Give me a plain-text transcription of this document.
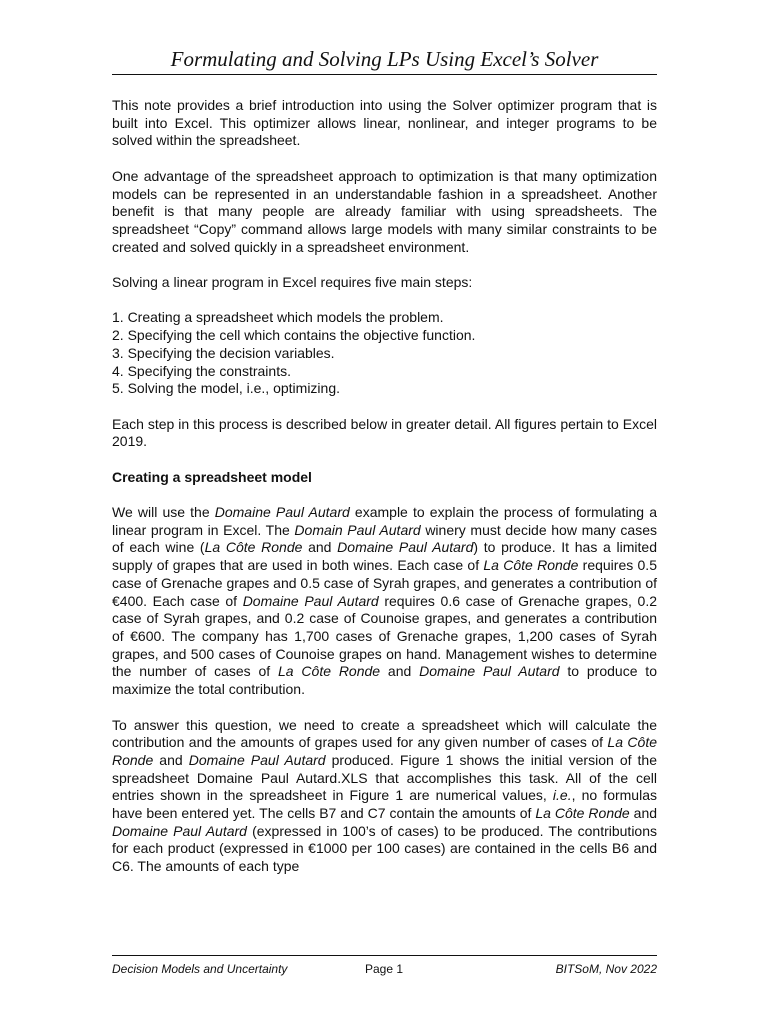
Formulating and Solving LPs Using Excel’s Solver

This note provides a brief introduction into using the Solver optimizer program that is built into Excel. This optimizer allows linear, nonlinear, and integer programs to be solved within the spreadsheet.

One advantage of the spreadsheet approach to optimization is that many optimization models can be represented in an understandable fashion in a spreadsheet. Another benefit is that many people are already familiar with using spreadsheets. The spreadsheet “Copy” command allows large models with many similar constraints to be created and solved quickly in a spreadsheet environment.

Solving a linear program in Excel requires five main steps:

1. Creating a spreadsheet which models the problem.
2. Specifying the cell which contains the objective function.
3. Specifying the decision variables.
4. Specifying the constraints.
5. Solving the model, i.e., optimizing.

Each step in this process is described below in greater detail. All figures pertain to Excel 2019.

Creating a spreadsheet model

We will use the Domaine Paul Autard example to explain the process of formulating a linear program in Excel. The Domain Paul Autard winery must decide how many cases of each wine (La Côte Ronde and Domaine Paul Autard) to produce. It has a limited supply of grapes that are used in both wines. Each case of La Côte Ronde requires 0.5 case of Grenache grapes and 0.5 case of Syrah grapes, and generates a contribution of €400. Each case of Domaine Paul Autard requires 0.6 case of Grenache grapes, 0.2 case of Syrah grapes, and 0.2 case of Counoise grapes, and generates a contribution of €600. The company has 1,700 cases of Grenache grapes, 1,200 cases of Syrah grapes, and 500 cases of Counoise grapes on hand. Management wishes to determine the number of cases of La Côte Ronde and Domaine Paul Autard to produce to maximize the total contribution.

To answer this question, we need to create a spreadsheet which will calculate the contribution and the amounts of grapes used for any given number of cases of La Côte Ronde and Domaine Paul Autard produced. Figure 1 shows the initial version of the spreadsheet Domaine Paul Autard.XLS that accomplishes this task. All of the cell entries shown in the spreadsheet in Figure 1 are numerical values, i.e., no formulas have been entered yet. The cells B7 and C7 contain the amounts of La Côte Ronde and Domaine Paul Autard (expressed in 100’s of cases) to be produced. The contributions for each product (expressed in €1000 per 100 cases) are contained in the cells B6 and C6. The amounts of each type

Decision Models and Uncertainty	Page 1	BITSoM, Nov 2022
